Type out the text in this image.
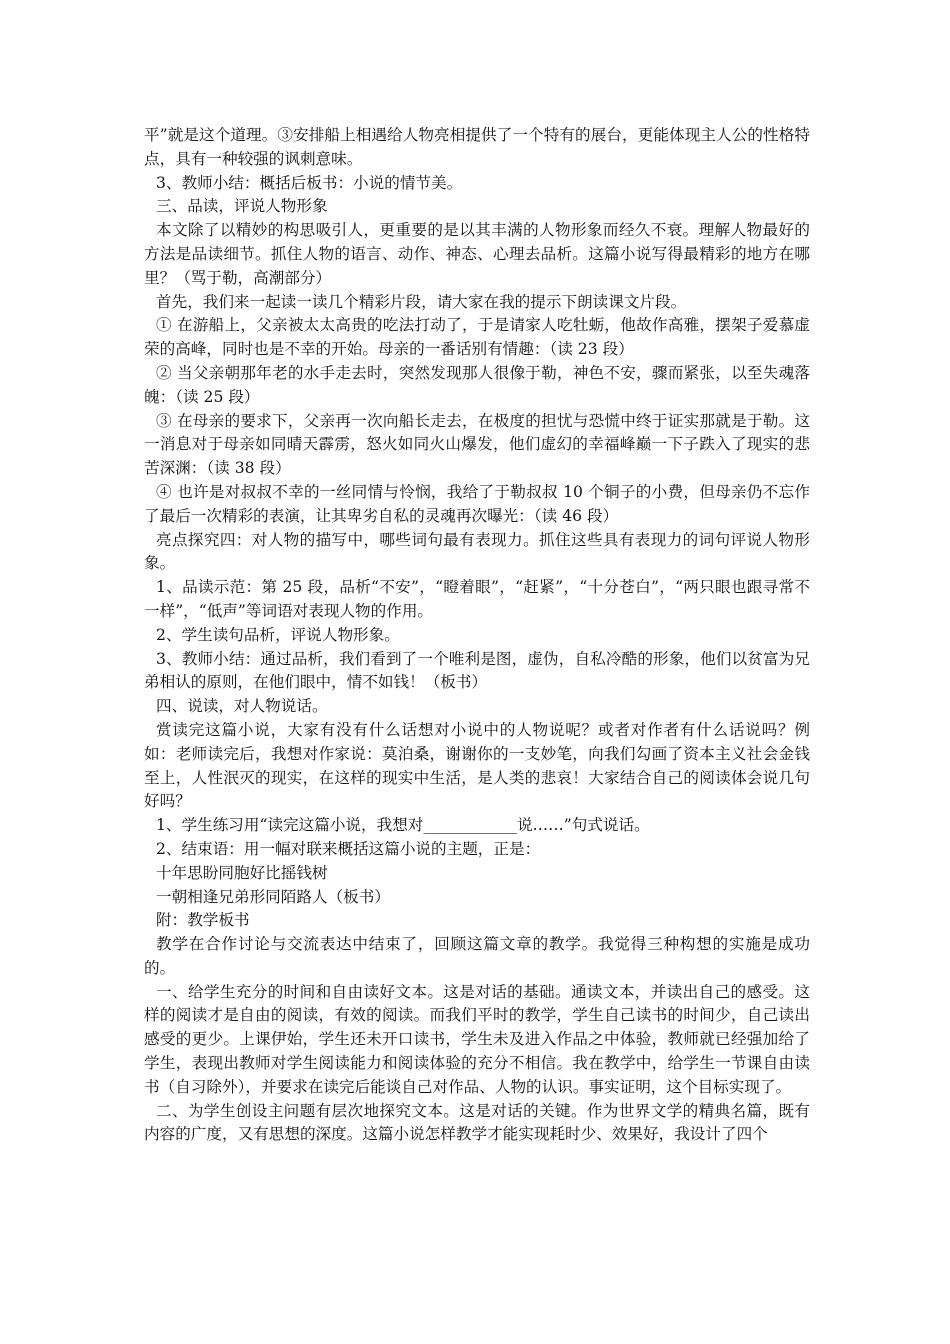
平”就是这个道理。③安排船上相遇给人物亮相提供了一个特有的展台，更能体现主人公的性格特点，具有一种较强的讽刺意味。

3、教师小结：概括后板书：小说的情节美。

三、品读，评说人物形象

本文除了以精妙的构思吸引人，更重要的是以其丰满的人物形象而经久不衰。理解人物最好的方法是品读细节。抓住人物的语言、动作、神态、心理去品析。这篇小说写得最精彩的地方在哪里？（骂于勒，高潮部分）

首先，我们来一起读一读几个精彩片段，请大家在我的提示下朗读课文片段。

① 在游船上，父亲被太太高贵的吃法打动了，于是请家人吃牡蛎，他故作高雅，摆架子爱慕虚荣的高峰，同时也是不幸的开始。母亲的一番话别有情趣：（读 23 段）

② 当父亲朝那年老的水手走去时，突然发现那人很像于勒，神色不安，骤而紧张，以至失魂落魄：（读 25 段）

③ 在母亲的要求下，父亲再一次向船长走去，在极度的担忧与恐慌中终于证实那就是于勒。这一消息对于母亲如同晴天霹雳，怒火如同火山爆发，他们虚幻的幸福峰巅一下子跌入了现实的悲苦深渊：（读 38 段）

④ 也许是对叔叔不幸的一丝同情与怜悯，我给了于勒叔叔 10 个铜子的小费，但母亲仍不忘作了最后一次精彩的表演，让其卑劣自私的灵魂再次曝光：（读 46 段）

亮点探究四：对人物的描写中，哪些词句最有表现力。抓住这些具有表现力的词句评说人物形象。

1、品读示范：第 25 段，品析“不安”，“瞪着眼”，“赶紧”，“十分苍白”，“两只眼也跟寻常不一样”，“低声”等词语对表现人物的作用。

2、学生读句品析，评说人物形象。

3、教师小结：通过品析，我们看到了一个唯利是图，虚伪，自私冷酷的形象，他们以贫富为兄弟相认的原则，在他们眼中，情不如钱！（板书）

四、说读，对人物说话。

赏读完这篇小说，大家有没有什么话想对小说中的人物说呢？或者对作者有什么话说吗？例如：老师读完后，我想对作家说：莫泊桑，谢谢你的一支妙笔，向我们勾画了资本主义社会金钱至上，人性泯灭的现实，在这样的现实中生活，是人类的悲哀！大家结合自己的阅读体会说几句好吗？

1、学生练习用“读完这篇小说，我想对____________说……”句式说话。

2、结束语：用一幅对联来概括这篇小说的主题，正是：

十年思盼同胞好比摇钱树

一朝相逢兄弟形同陌路人（板书）

附：教学板书

教学在合作讨论与交流表达中结束了，回顾这篇文章的教学。我觉得三种构想的实施是成功的。

一、给学生充分的时间和自由读好文本。这是对话的基础。通读文本，并读出自己的感受。这样的阅读才是自由的阅读，有效的阅读。而我们平时的教学，学生自己读书的时间少，自己读出感受的更少。上课伊始，学生还未开口读书，学生未及进入作品之中体验，教师就已经强加给了学生，表现出教师对学生阅读能力和阅读体验的充分不相信。我在教学中，给学生一节课自由读书（自习除外），并要求在读完后能谈自己对作品、人物的认识。事实证明，这个目标实现了。

二、为学生创设主问题有层次地探究文本。这是对话的关键。作为世界文学的精典名篇，既有内容的广度，又有思想的深度。这篇小说怎样教学才能实现耗时少、效果好，我设计了四个
